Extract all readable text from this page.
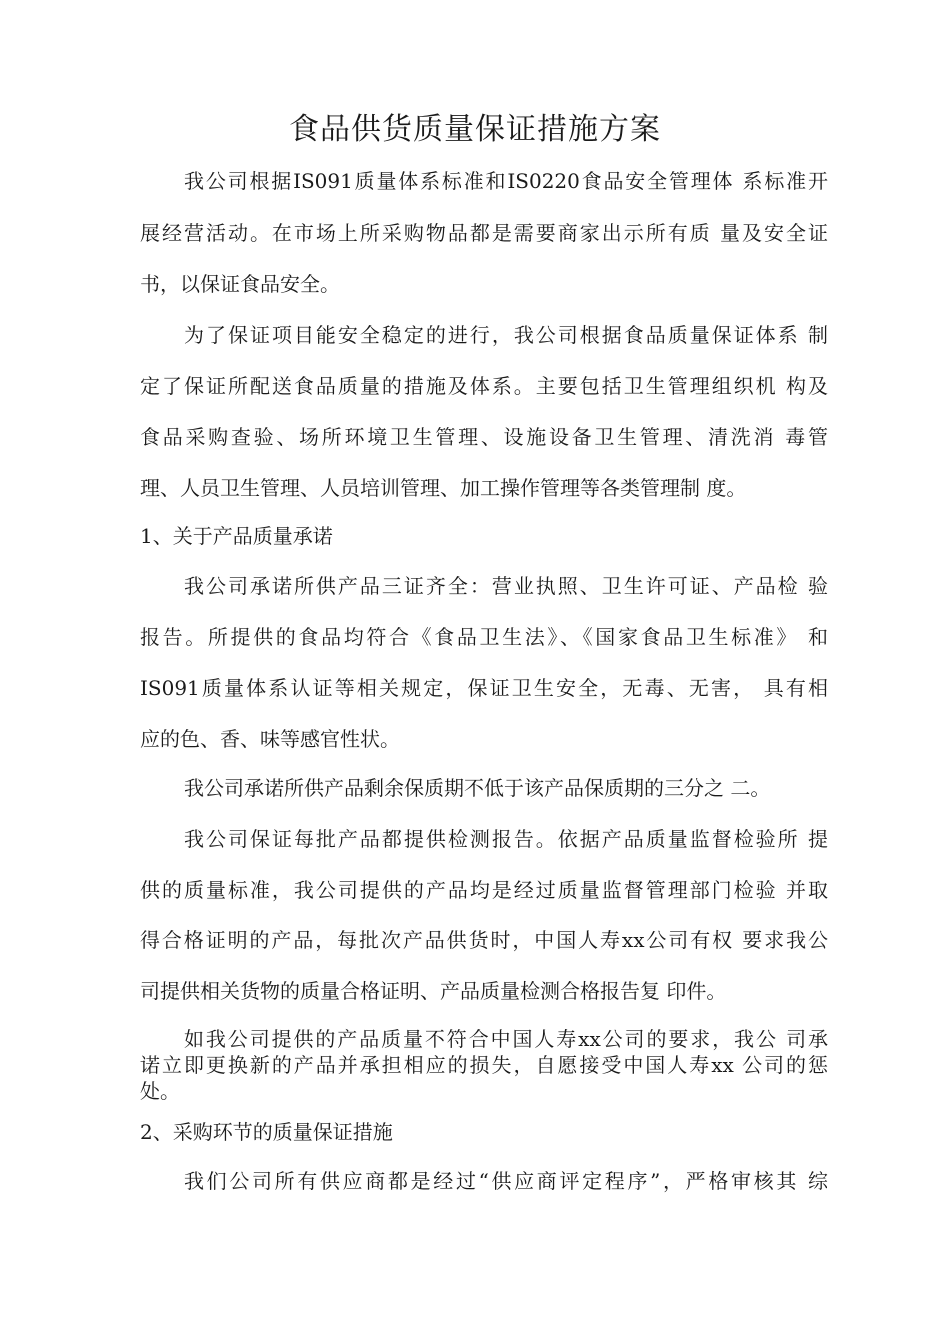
食品供货质量保证措施方案
我公司根据IS091质量体系标准和IS0220食品安全管理体 系标准开
展经营活动。在市场上所采购物品都是需要商家出示所有质 量及安全证
书，以保证食品安全。
为了保证项目能安全稳定的进行，我公司根据食品质量保证体系 制
定了保证所配送食品质量的措施及体系。主要包括卫生管理组织机 构及
食品采购查验、场所环境卫生管理、设施设备卫生管理、清洗消 毒管
理、人员卫生管理、人员培训管理、加工操作管理等各类管理制 度。
1、关于产品质量承诺
我公司承诺所供产品三证齐全：营业执照、卫生许可证、产品检 验
报告。所提供的食品均符合《食品卫生法》、《国家食品卫生标准》 和
IS091质量体系认证等相关规定，保证卫生安全，无毒、无害， 具有相
应的色、香、味等感官性状。
我公司承诺所供产品剩余保质期不低于该产品保质期的三分之 二。
我公司保证每批产品都提供检测报告。依据产品质量监督检验所 提
供的质量标准，我公司提供的产品均是经过质量监督管理部门检验 并取
得合格证明的产品，每批次产品供货时，中国人寿xx公司有权 要求我公
司提供相关货物的质量合格证明、产品质量检测合格报告复 印件。
如我公司提供的产品质量不符合中国人寿xx公司的要求，我公 司承
诺立即更换新的产品并承担相应的损失，自愿接受中国人寿xx 公司的惩
处。
2、采购环节的质量保证措施
我们公司所有供应商都是经过“供应商评定程序”，严格审核其 综
